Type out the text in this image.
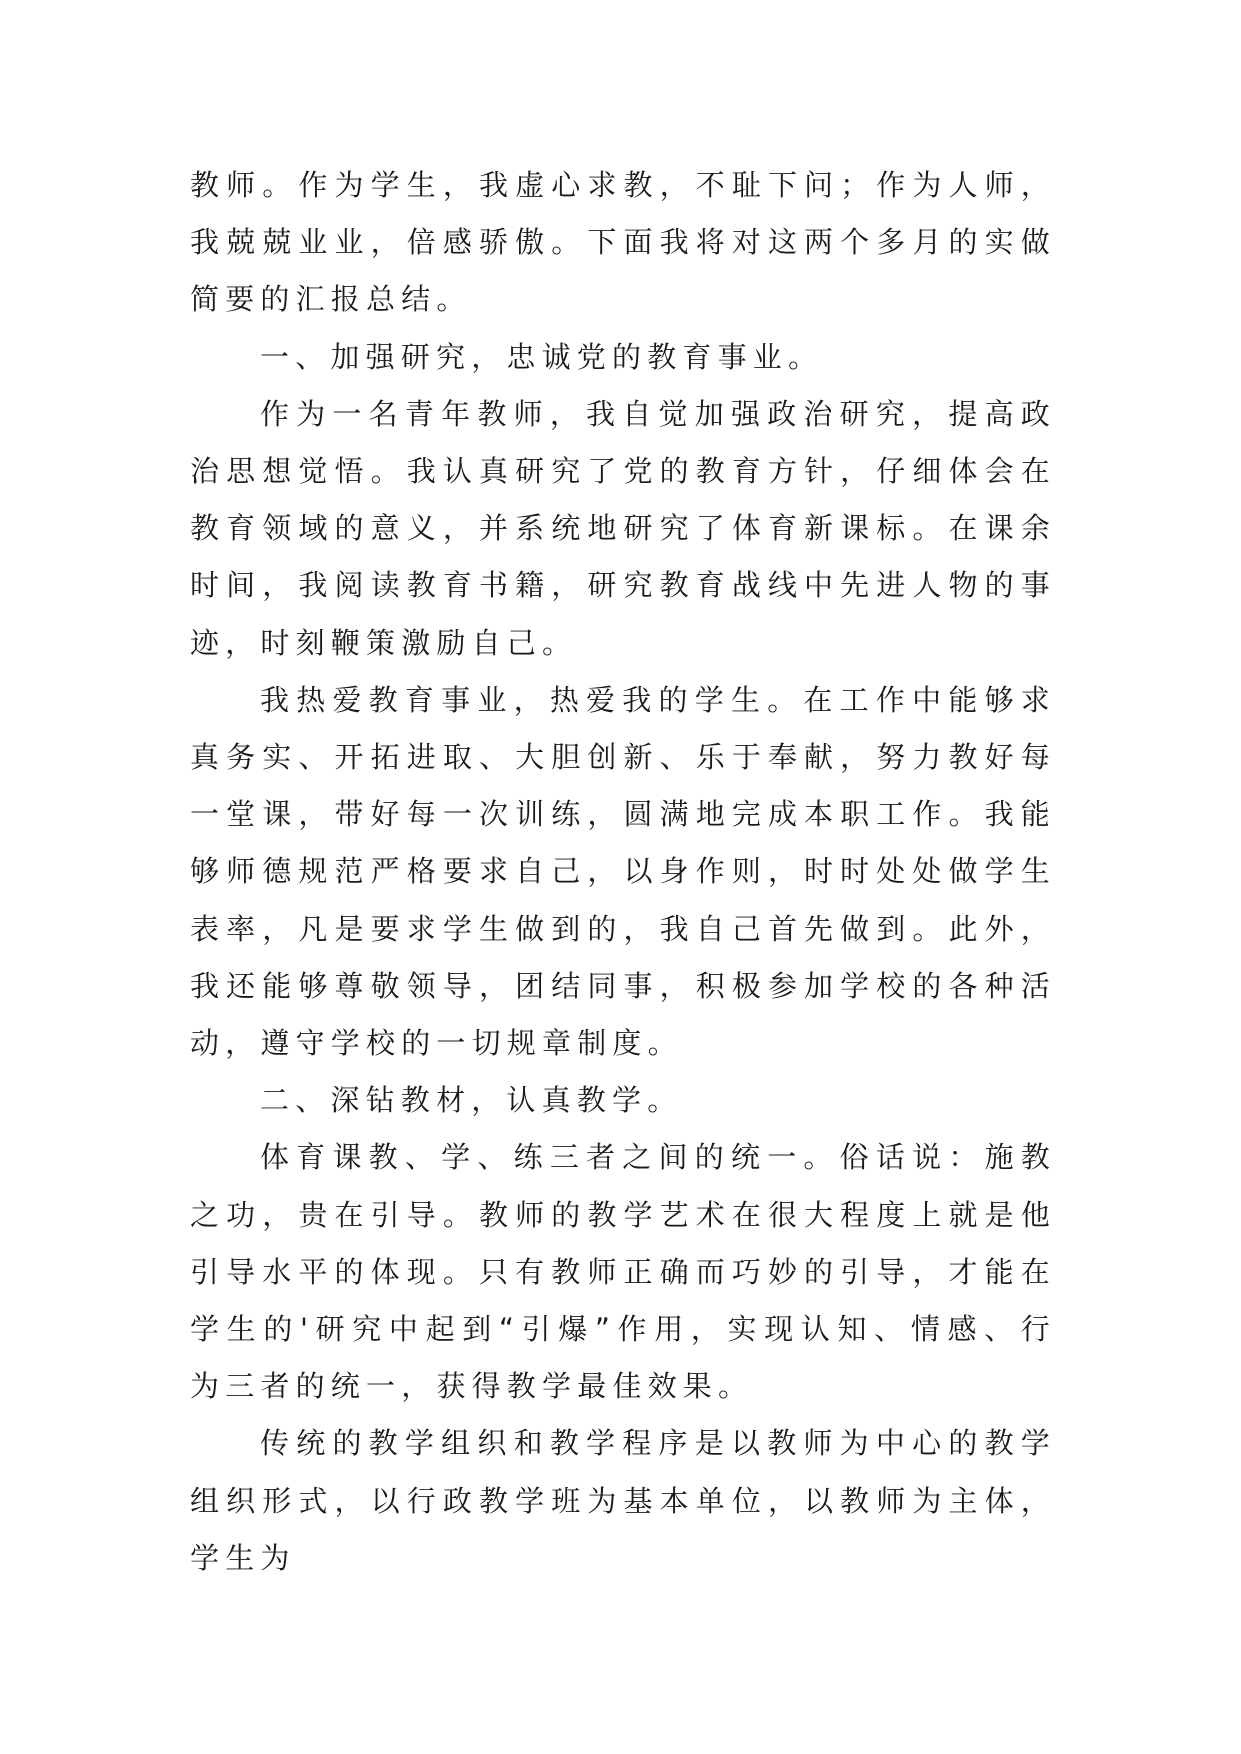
教师。作为学生，我虚心求教，不耻下问；作为人师，我兢兢业业，倍感骄傲。下面我将对这两个多月的实做简要的汇报总结。

一、加强研究，忠诚党的教育事业。

作为一名青年教师，我自觉加强政治研究，提高政治思想觉悟。我认真研究了党的教育方针，仔细体会在教育领域的意义，并系统地研究了体育新课标。在课余时间，我阅读教育书籍，研究教育战线中先进人物的事迹，时刻鞭策激励自己。

我热爱教育事业，热爱我的学生。在工作中能够求真务实、开拓进取、大胆创新、乐于奉献，努力教好每一堂课，带好每一次训练，圆满地完成本职工作。我能够师德规范严格要求自己，以身作则，时时处处做学生表率，凡是要求学生做到的，我自己首先做到。此外，我还能够尊敬领导，团结同事，积极参加学校的各种活动，遵守学校的一切规章制度。

二、深钻教材，认真教学。

体育课教、学、练三者之间的统一。俗话说：施教之功，贵在引导。教师的教学艺术在很大程度上就是他引导水平的体现。只有教师正确而巧妙的引导，才能在学生的'研究中起到“引爆”作用，实现认知、情感、行为三者的统一，获得教学最佳效果。

传统的教学组织和教学程序是以教师为中心的教学组织形式，以行政教学班为基本单位，以教师为主体，学生为
